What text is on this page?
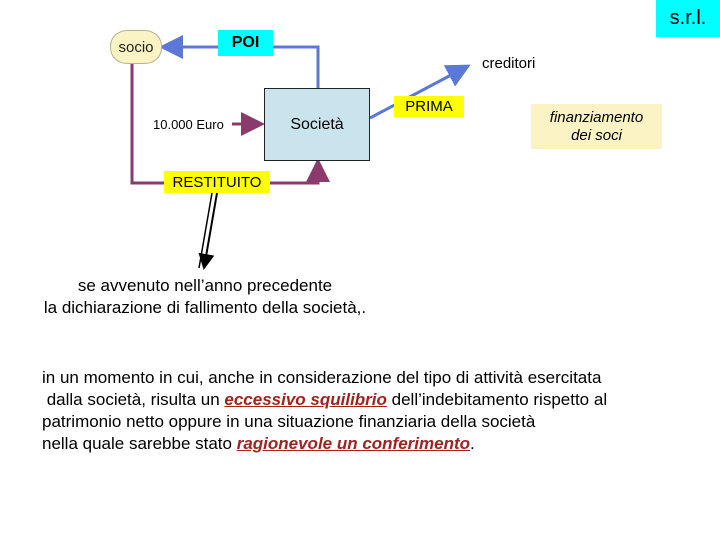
s.r.l.
socio	POI
creditori
10.000 Euro	Società
PRIMA
finanziamento
dei soci
RESTITUITO
se avvenuto nell’anno precedente
la dichiarazione di fallimento della società,.
in un momento in cui, anche in considerazione del tipo di attività esercitata
dalla società, risulta un eccessivo squilibrio dell’indebitamento rispetto al
patrimonio netto oppure in una situazione finanziaria della società
nella quale sarebbe stato ragionevole un conferimento.
